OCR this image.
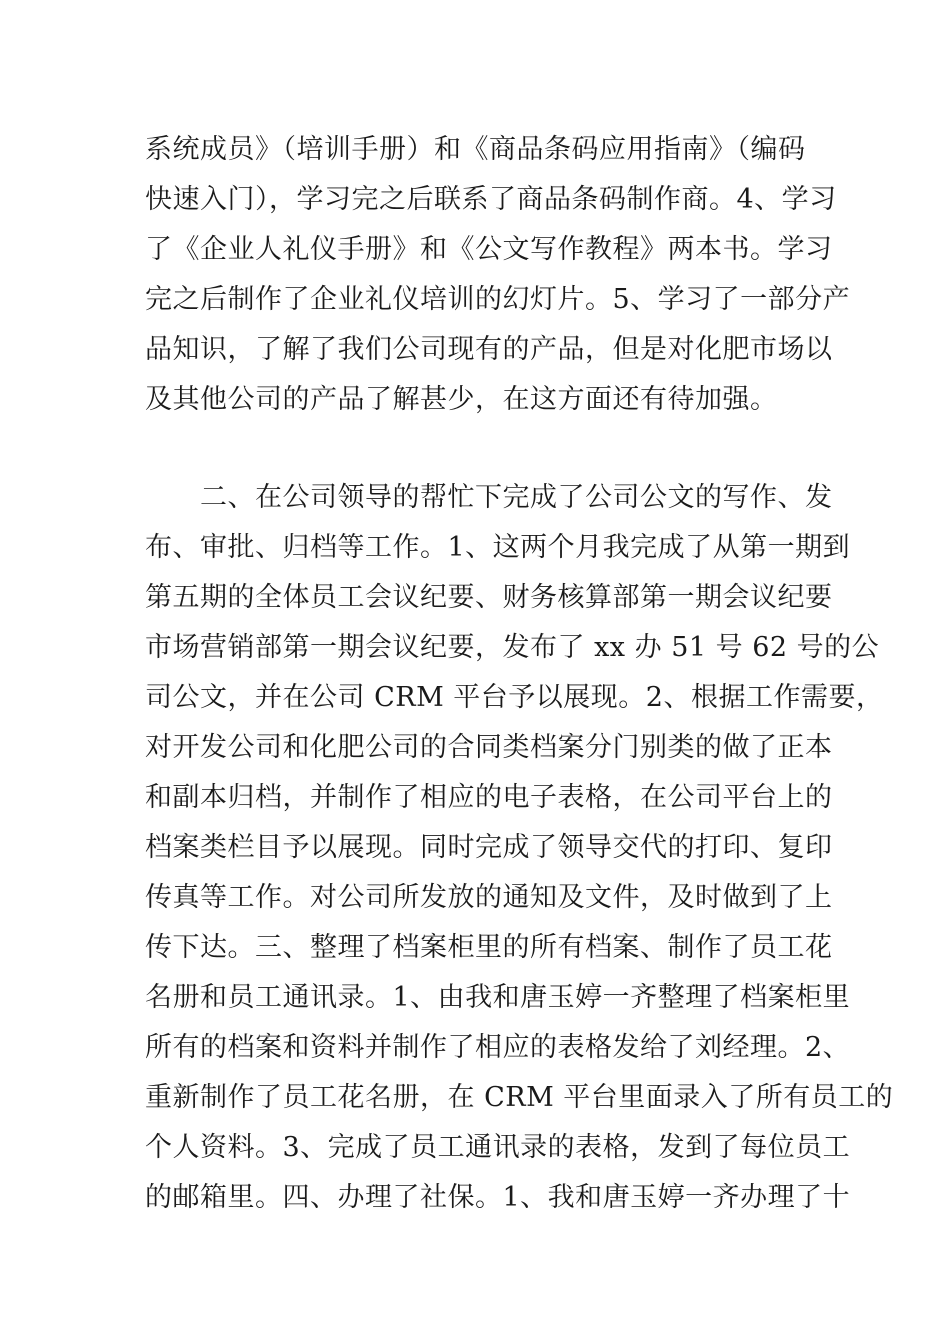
系统成员》（培训手册）和《商品条码应用指南》（编码
快速入门），学习完之后联系了商品条码制作商。4、学习
了《企业人礼仪手册》和《公文写作教程》两本书。学习
完之后制作了企业礼仪培训的幻灯片。5、学习了一部分产
品知识，了解了我们公司现有的产品，但是对化肥市场以
及其他公司的产品了解甚少，在这方面还有待加强。
二、在公司领导的帮忙下完成了公司公文的写作、发
布、审批、归档等工作。1、这两个月我完成了从第一期到
第五期的全体员工会议纪要、财务核算部第一期会议纪要
市场营销部第一期会议纪要，发布了 xx 办 51 号 62 号的公
司公文，并在公司 CRM 平台予以展现。2、根据工作需要，
对开发公司和化肥公司的合同类档案分门别类的做了正本
和副本归档，并制作了相应的电子表格，在公司平台上的
档案类栏目予以展现。同时完成了领导交代的打印、复印
传真等工作。对公司所发放的通知及文件，及时做到了上
传下达。三、整理了档案柜里的所有档案、制作了员工花
名册和员工通讯录。1、由我和唐玉婷一齐整理了档案柜里
所有的档案和资料并制作了相应的表格发给了刘经理。2、
重新制作了员工花名册，在 CRM 平台里面录入了所有员工的
个人资料。3、完成了员工通讯录的表格，发到了每位员工
的邮箱里。四、办理了社保。1、我和唐玉婷一齐办理了十
